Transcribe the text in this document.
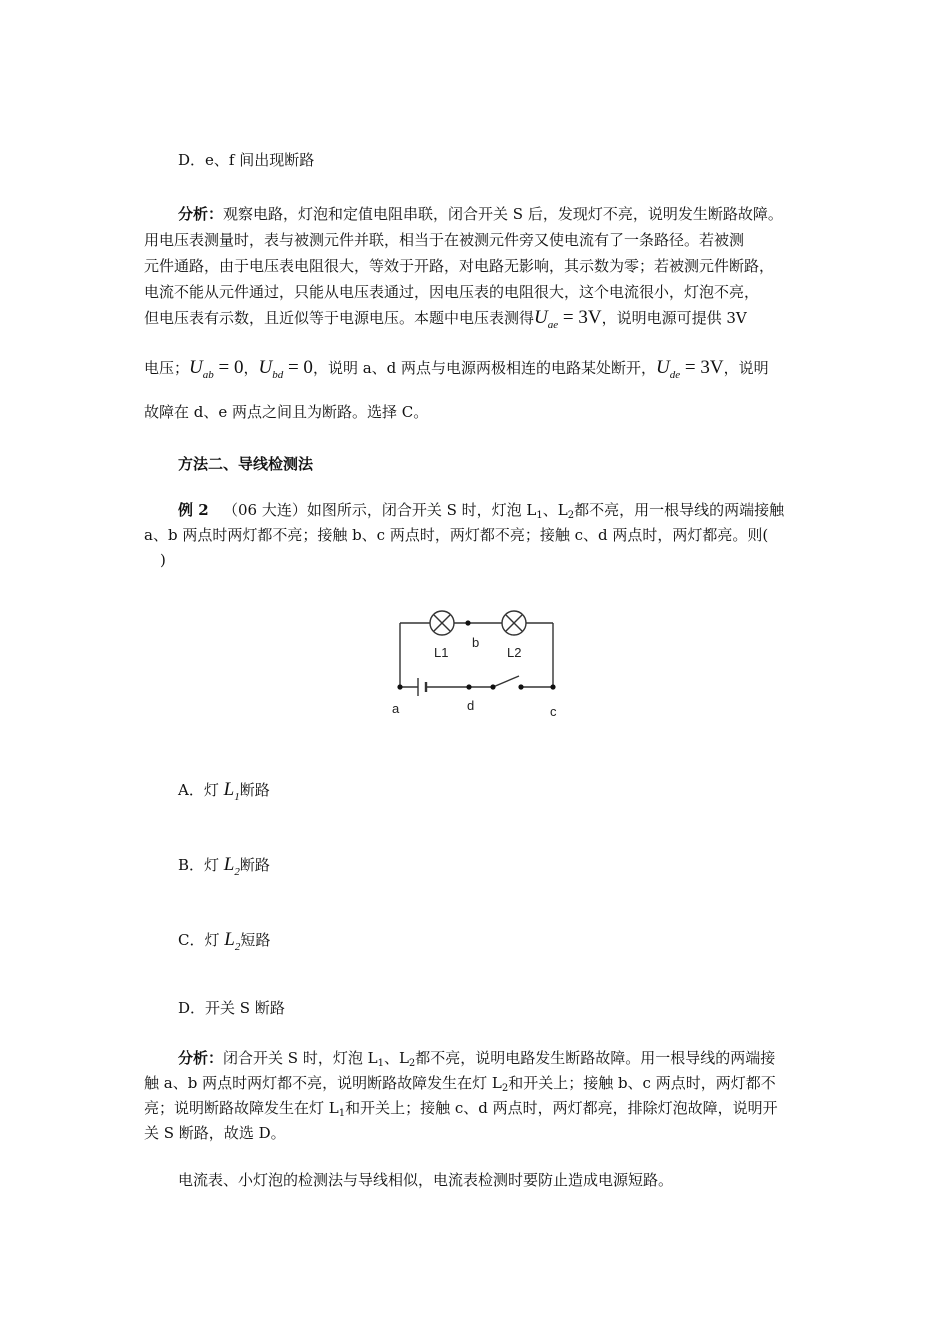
D．e、f 间出现断路
分析：观察电路，灯泡和定值电阻串联，闭合开关 S 后，发现灯不亮，说明发生断路故障。
用电压表测量时，表与被测元件并联，相当于在被测元件旁又使电流有了一条路径。若被测
元件通路，由于电压表电阻很大，等效于开路，对电路无影响，其示数为零；若被测元件断路，
电流不能从元件通过，只能从电压表通过，因电压表的电阻很大，这个电流很小，灯泡不亮，
但电压表有示数，且近似等于电源电压。本题中电压表测得$U_{ae} = 3V$，说明电源可提供 3V
电压；$U_{ab} = 0$，$U_{bd} = 0$，说明 a、d 两点与电源两极相连的电路某处断开，$U_{de} = 3V$，说明
故障在 d、e 两点之间且为断路。选择 C。
方法二、导线检测法
例 2 （06 大连）如图所示，闭合开关 S 时，灯泡 $L_1$、$L_2$都不亮，用一根导线的两端接触
a、b 两点时两灯都不亮；接触 b、c 两点时，两灯都不亮；接触 c、d 两点时，两灯都亮。则(
)
L1
b
L2
a	d	c
A．灯 $L_1$断路
B．灯 $L_2$断路
C．灯 $L_2$短路
D．开关 S 断路
分析：闭合开关 S 时，灯泡 $L_1$、$L_2$都不亮，说明电路发生断路故障。用一根导线的两端接
触 a、b 两点时两灯都不亮，说明断路故障发生在灯 $L_2$和开关上；接触 b、c 两点时，两灯都不
亮；说明断路故障发生在灯 $L_1$和开关上；接触 c、d 两点时，两灯都亮，排除灯泡故障，说明开
关 S 断路，故选 D。
电流表、小灯泡的检测法与导线相似，电流表检测时要防止造成电源短路。
